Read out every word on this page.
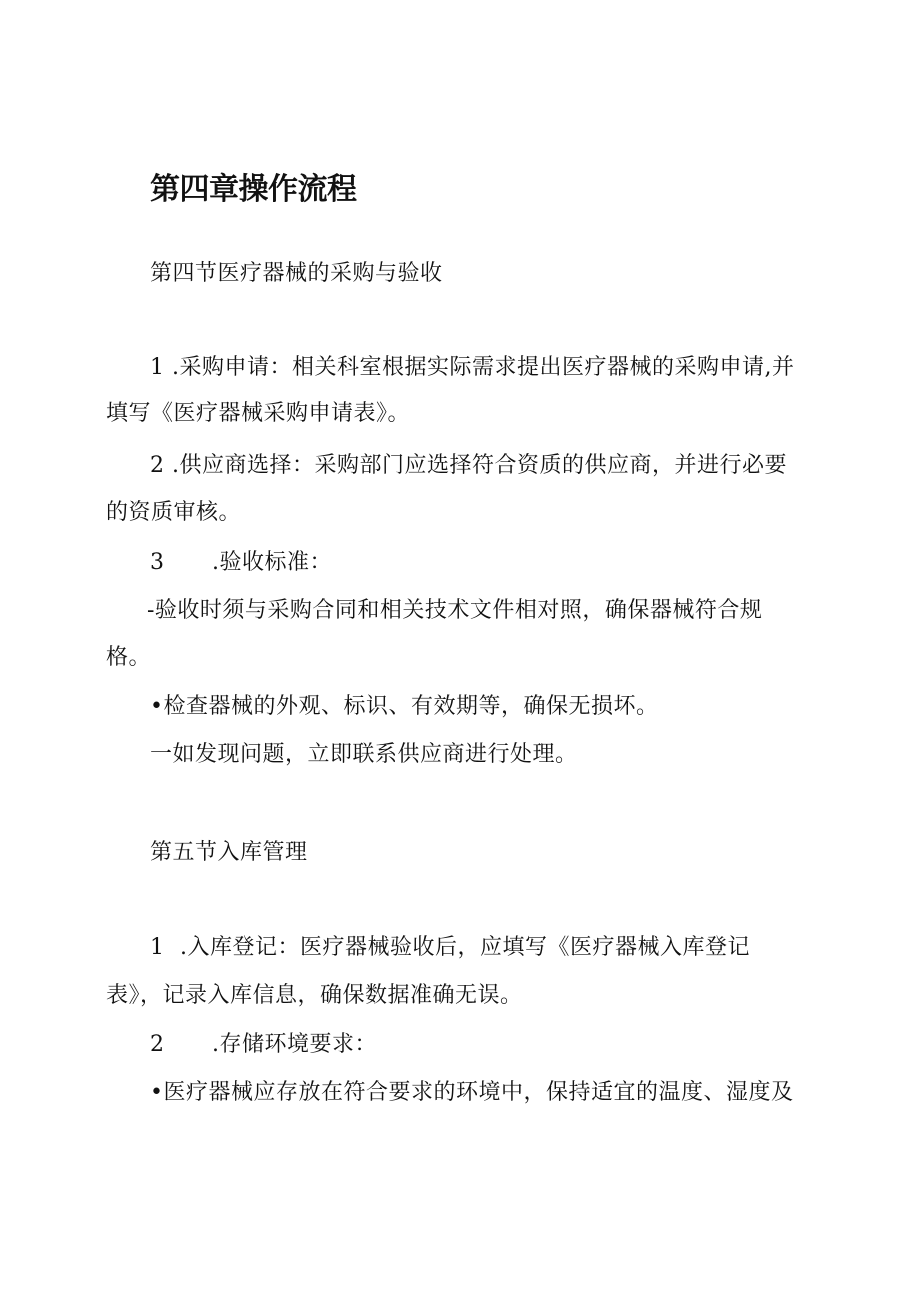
第四章操作流程
第四节医疗器械的采购与验收
1 .采购申请：相关科室根据实际需求提出医疗器械的采购申请,并
填写《医疗器械采购申请表》。
2 .供应商选择：采购部门应选择符合资质的供应商，并进行必要
的资质审核。
3 .验收标准：
-验收时须与采购合同和相关技术文件相对照，确保器械符合规
格。
•检查器械的外观、标识、有效期等，确保无损坏。
一如发现问题，立即联系供应商进行处理。
第五节入库管理
1 .入库登记：医疗器械验收后，应填写《医疗器械入库登记
表》，记录入库信息，确保数据准确无误。
2 .存储环境要求：
•医疗器械应存放在符合要求的环境中，保持适宜的温度、湿度及
